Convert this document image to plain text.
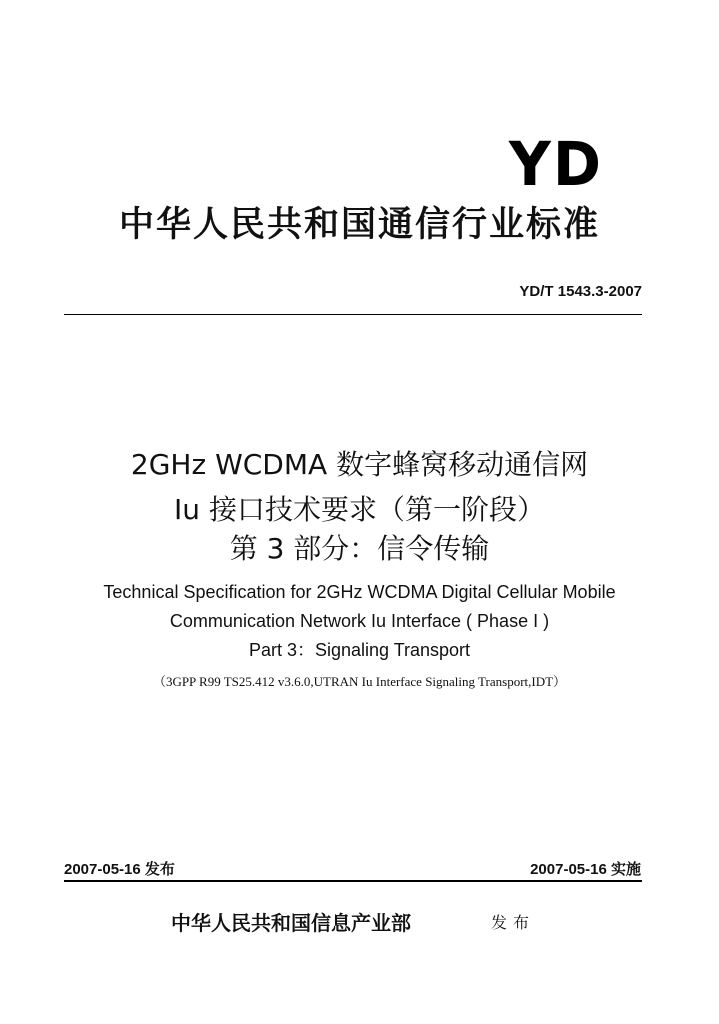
YD
中华人民共和国通信行业标准
YD/T 1543.3-2007
2GHz WCDMA 数字蜂窝移动通信网
Iu 接口技术要求（第一阶段）
第 3 部分：信令传输
Technical Specification for 2GHz WCDMA Digital Cellular Mobile
Communication Network Iu Interface ( Phase I )
Part 3：Signaling Transport
（3GPP R99 TS25.412 v3.6.0,UTRAN Iu Interface Signaling Transport,IDT）
2007-05-16 发布	2007-05-16 实施
中华人民共和国信息产业部	发布
